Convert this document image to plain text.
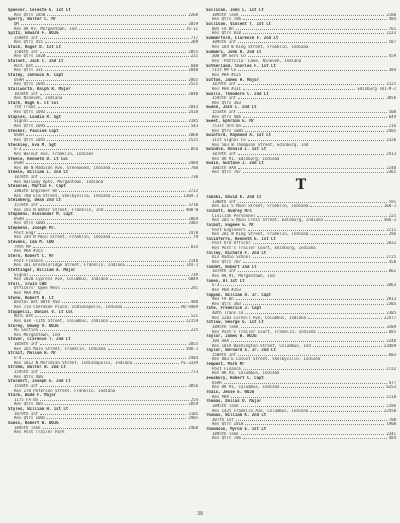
Spencer, Celeste E. 1st Lt
Res Qtrs 1850	2268
Sperry, Walter C. Mr
QM	2859
Res RR #3, Morgantown, Ind	76-11
Spitz, Edward F. WOJG
1598th Inf	717
Res Qtrs 455	209
Stack, Roger D. 1st Lt
1584th Inf	2855
Res Qtrs 1820	221
Stalnet, Jack C. 2nd Lt
ROTC Det	680
Res Qtrs 331	2840
Staley, Johnson A. Capt
USAH	2865
Res Qtrs 1045	2525
Stallworth, Ralph R. Major
1878th Inf	2840
Res Nineveh, Indiana
Stark, Hugh G. Lt Col
7th Trans	2843
Res Qtrs 1092	2418
Staples, Loudia R. Sgt
Signal	2185
Res Qtrs 1095	543
Stecker, Pauline Capt
USAH	2868
Res Qtrs 1045	2525
Steckley, Eva M. Sgt
G-3	856
Res Walnut Ave, Franklin, Indiana
Steele, Kenneth D. Lt Col
USAR	2404
Res 80 N Madison Ave, Greenwood, Indiana	788
Steele, William L. 2nd Lt
1878th Inf	730
Res Hallway Apts, Morgantown, Indiana
Steimlen, Martin F. Capt
1883th Engineer Bn	2722
Res 700 Elm Street, Shelbyville, Indiana	1304-J
Steinberg, Dean 2nd Lt
1578th Inf	3710
Res 193 N Water Street, Franklin, Ind	408-W
Stephens, Alexander M. Capt
USAH	2869
Res Qtrs 1005	2405
Stephens, Joseph Mr.
Post Engr	2478
Res 249 N Main Street, Franklin, Indiana	79
Stevens, Ida M. CWO
79th MP	814
Res PHA #355
Stern, Robert C. Mr
Post Finance	2148
Res 181 Brecksnridge Street, Franklin, Indiana	144-J
Stettinger, William A. Major
Signal	739
Res 2020 Cypress Ave, Columbus, Indiana	6049
Stoll, Irwin CWO
Officers' Open Mess	281
Res PHA #92
Stone, Robert H. Lt
Dental Det 88th ASU	480
Res 714 Cherokee Place, Indianapolis, Indiana	HU-9489
Stoppelli, Daniel V. Lt Col
ROTC Det	521
Res 638 -11th Street, Columbus, Indiana	22159
Storey, Dewey V. WOJG
AG Section	225
Res Morgantown, Ind
Stover, Clarence T. 2nd Lt
1858th Inf	2855
Res 265 Main Street, Franklin, Indiana	588-J
Strait, Malcom H. Mr
G-4	2404
Res 1812 N Meridian Street, Indianapolis, Indiana	PL-3339
Strohm, Walter W. 2nd Lt
1595th Inf	773
Res Qtrs 406
Stuckert, Joseph E. 2nd Lt
1558th Inf	3056
Res 170 Peterson Street, Franklin, Indiana
Sturm, Budd F. Major
1175 FA Bn	254
Res Qtrs 405	2859
Styles, William H. 1st Lt
1879th Inf	2105
Res Qtrs 1005	2905
Suess, Robert W. WOJG
1895th Tank	2468
Res Post Trailer Park
Sullivan, John L. 1st Lt
1895th Tank	2188
Res Qtrs 706	484
Sullivan, Vincent T. 1st Lt
805 FA Bn	761
Res Qtrs 820	2223
Summerford, Clarence F. 2nd Lt
3095th Inf	587
Res 169 W King Street, Franklin, Indiana
Summers, John R. 2nd Lt
308 QM Serv Co	459
Res 'Patricia' Lake, Nineveh, Indiana
Sutherland, Charles F. 1st Lt
71st MP Co	384
Res PHA #125
Sutton, James H. Major
1879th Inf	2125
Res PHA #331	Edinburg 701-M-2
Swalls, Theodore C. 2nd Lt
1595th Inf	3056
Res Qtrs 303
Swann, Jack L. 2nd Lt
1558th Inf	508
Res Qtrs 406	649
Sweet, Ephraim E. Mr
751st Ord Bn	216
Res Qtrs 1005	2405
Swinford, Raymond A. 1st Lt
31st Signal Co	2320
Res 503 W Thompson Street, Edinburg, Ind
Swindle, Donald L. 1st Lt
1879th Inf	2413
Res RR #1, Edinburg, Indiana
Swain, Gustave J. 2nd Lt
1065th AAA	2240
Res Qtrs 707	2365
T
Takaki, David K. 2nd Lt
1300th Inf	591
Res 621 S Main Street, Franklin, Indiana	168-J
Talbott, Audrey Mrs
Civilian Personnel	225
Res 205 S Main Cross Street, Edinburg, Indiana	406-J
Talbot, Eugene G. Mr
Post Engineers	2211
Res 201 W King Street, Franklin, Indiana	296
Taliaferro, Kenneth E. 1st Lt
Post Ord Officer	2822
Res Post's Trailer Court, Edinburg, Indiana
Talley, Richard F. 2nd Lt
Div Radio School	2725
Res Qtrs 707	450
Tandet, Robert 2nd Lt
1879th Inf	862
Res RR #1, Morgantown, Ind
Tanen, Al 1st Lt
G-3	2863
Res PHA #353
Tappan, William D. Jr. Capt
983 FA Bn	2813
Res Qtrs 303	2305
Tate, Frederick J. Capt
40th Trans Co	2305
Res 1203 Cornell Ave, Columbus, Indiana	22477
Tatlow, George G. 1st Lt
1895th Tank	3209
Res Post's Trailer Court, Franklin, Indiana	885
Taylor, James W. WOJG
104 AAA	2240
Res 1019 Washington Street, Columbus, Ind	23489
Taylor, Bernard S. Jr. 2nd Lt
1509th Inf	603
Res 803 E Locust Street, Shelbyville, Indiana
Tempest, Mark Mr
Post Finance	2722
Res RR #3, Columbus, Indiana
Jewsbury, Robert C. Capt
USAR	477
Res RR #1, Columbus, Indiana	6253
Thais, Jesse E. WOJG
Res PHA	2118
Thomas, Dallas D. Major
1895th Tank	2196
Res 1425 Franklin Ave, Columbus, Indiana	22458
Thomas, William K. 2nd Lt
307th Inf	700
Res Qtrs 1818	1908
Thomason, Myron E. 1st Lt
1895th Tank	2341
Res Qtrs 706	484
38
